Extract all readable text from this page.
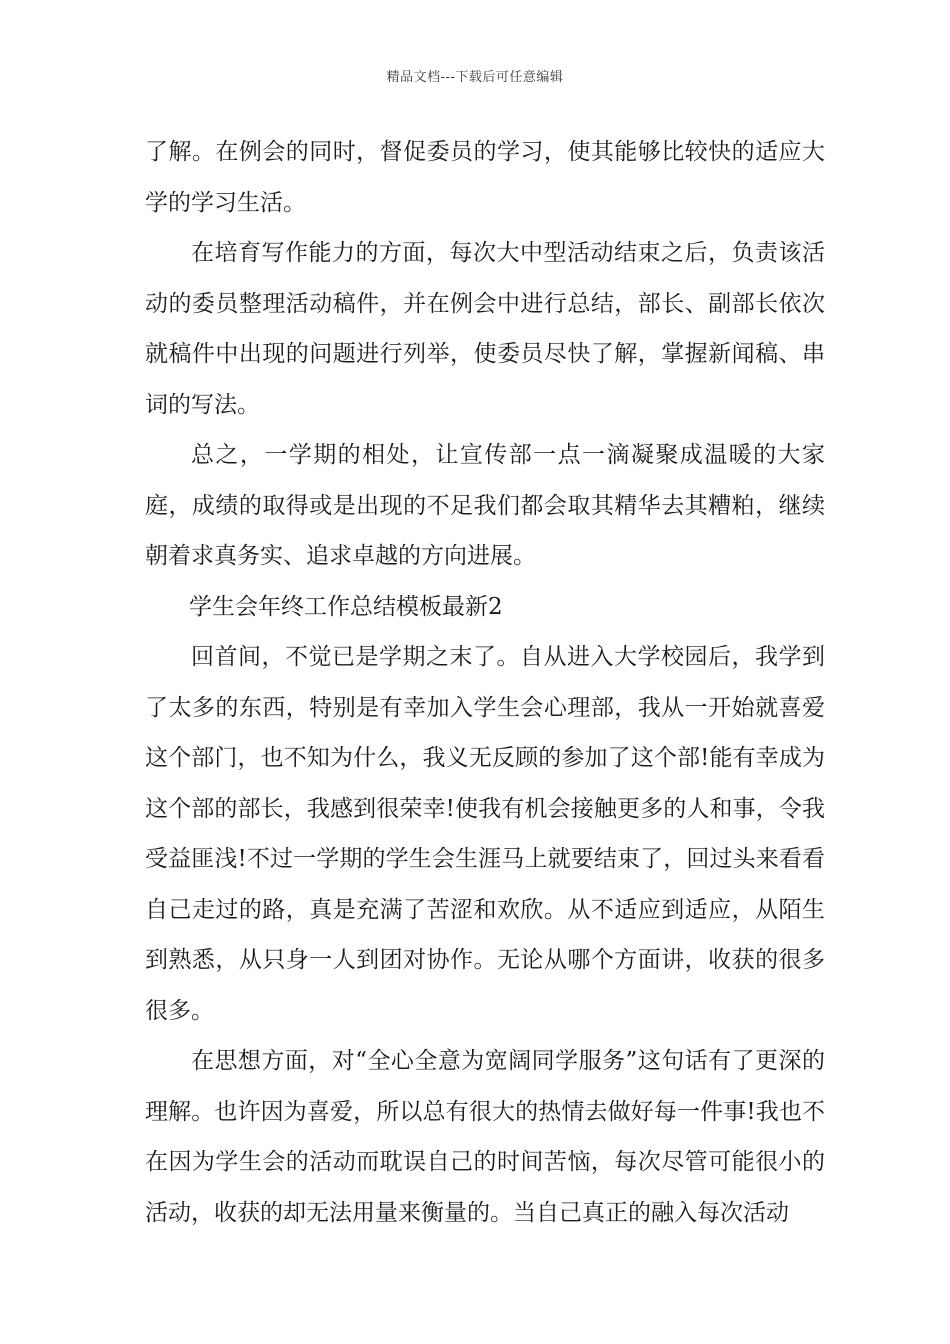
精品文档---下载后可任意编辑

了解。在例会的同时，督促委员的学习，使其能够比较快的适应大学的学习生活。

在培育写作能力的方面，每次大中型活动结束之后，负责该活动的委员整理活动稿件，并在例会中进行总结，部长、副部长依次就稿件中出现的问题进行列举，使委员尽快了解，掌握新闻稿、串词的写法。

总之，一学期的相处，让宣传部一点一滴凝聚成温暖的大家庭，成绩的取得或是出现的不足我们都会取其精华去其糟粕，继续朝着求真务实、追求卓越的方向进展。

学生会年终工作总结模板最新2

回首间，不觉已是学期之末了。自从进入大学校园后，我学到了太多的东西，特别是有幸加入学生会心理部，我从一开始就喜爱这个部门，也不知为什么，我义无反顾的参加了这个部!能有幸成为这个部的部长，我感到很荣幸!使我有机会接触更多的人和事，令我受益匪浅!不过一学期的学生会生涯马上就要结束了，回过头来看看自己走过的路，真是充满了苦涩和欢欣。从不适应到适应，从陌生到熟悉，从只身一人到团对协作。无论从哪个方面讲，收获的很多很多。

在思想方面，对“全心全意为宽阔同学服务”这句话有了更深的理解。也许因为喜爱，所以总有很大的热情去做好每一件事!我也不在因为学生会的活动而耽误自己的时间苦恼，每次尽管可能很小的活动，收获的却无法用量来衡量的。当自己真正的融入每次活动
